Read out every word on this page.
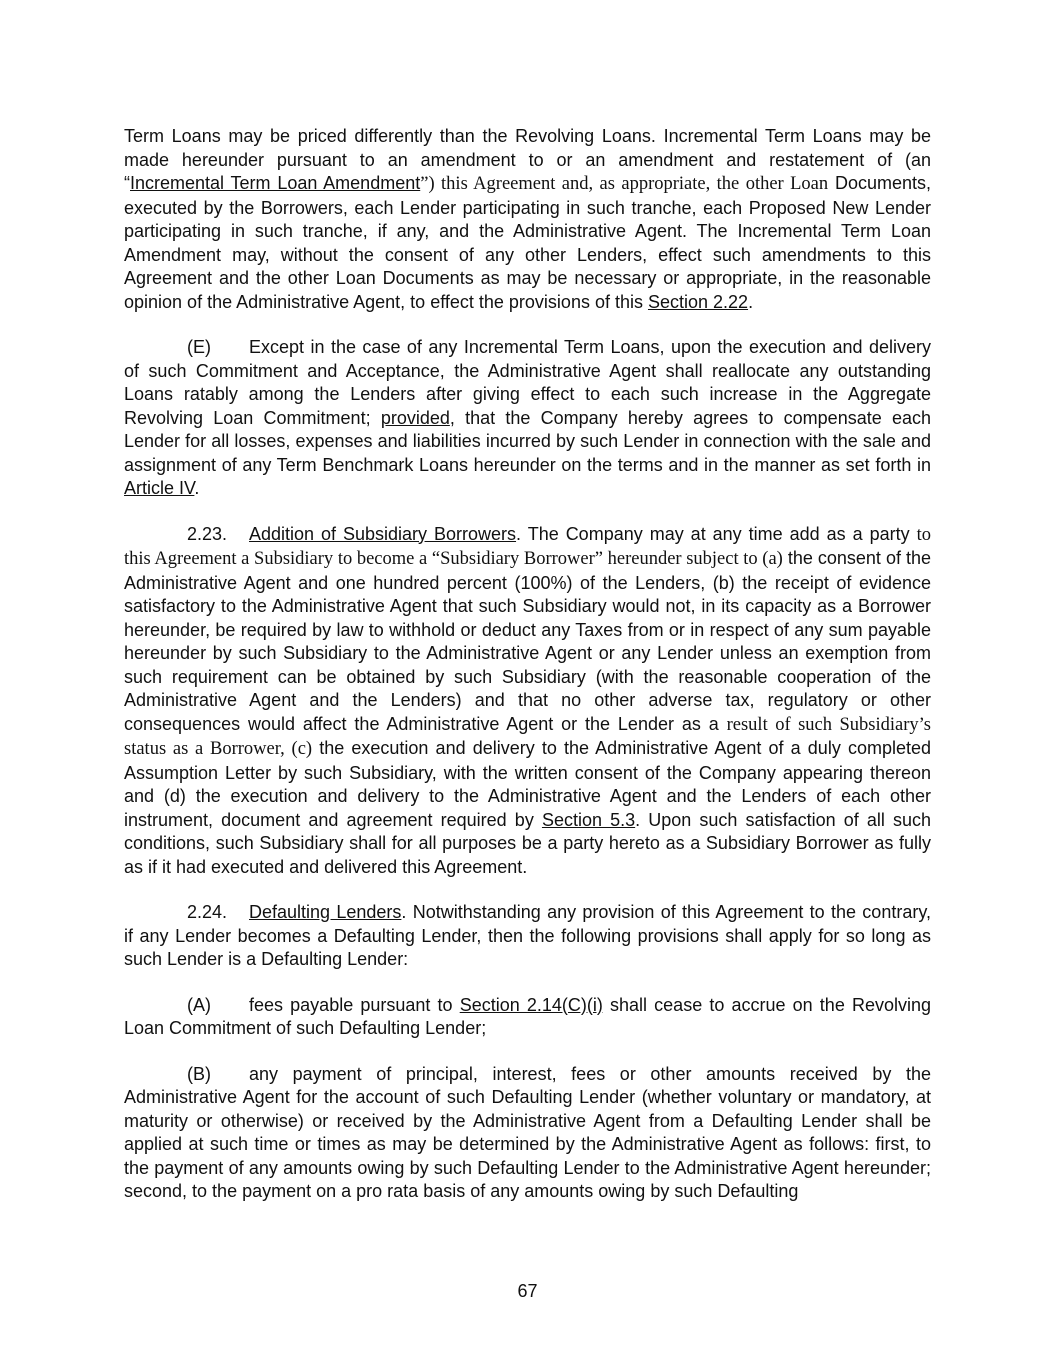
Term Loans may be priced differently than the Revolving Loans. Incremental Term Loans may be made hereunder pursuant to an amendment to or an amendment and restatement of (an “Incremental Term Loan Amendment”) this Agreement and, as appropriate, the other Loan Documents, executed by the Borrowers, each Lender participating in such tranche, each Proposed New Lender participating in such tranche, if any, and the Administrative Agent. The Incremental Term Loan Amendment may, without the consent of any other Lenders, effect such amendments to this Agreement and the other Loan Documents as may be necessary or appropriate, in the reasonable opinion of the Administrative Agent, to effect the provisions of this Section 2.22.

(E) Except in the case of any Incremental Term Loans, upon the execution and delivery of such Commitment and Acceptance, the Administrative Agent shall reallocate any outstanding Loans ratably among the Lenders after giving effect to each such increase in the Aggregate Revolving Loan Commitment; provided, that the Company hereby agrees to compensate each Lender for all losses, expenses and liabilities incurred by such Lender in connection with the sale and assignment of any Term Benchmark Loans hereunder on the terms and in the manner as set forth in Article IV.

2.23. Addition of Subsidiary Borrowers. The Company may at any time add as a party to this Agreement a Subsidiary to become a “Subsidiary Borrower” hereunder subject to (a) the consent of the Administrative Agent and one hundred percent (100%) of the Lenders, (b) the receipt of evidence satisfactory to the Administrative Agent that such Subsidiary would not, in its capacity as a Borrower hereunder, be required by law to withhold or deduct any Taxes from or in respect of any sum payable hereunder by such Subsidiary to the Administrative Agent or any Lender unless an exemption from such requirement can be obtained by such Subsidiary (with the reasonable cooperation of the Administrative Agent and the Lenders) and that no other adverse tax, regulatory or other consequences would affect the Administrative Agent or the Lender as a result of such Subsidiary’s status as a Borrower, (c) the execution and delivery to the Administrative Agent of a duly completed Assumption Letter by such Subsidiary, with the written consent of the Company appearing thereon and (d) the execution and delivery to the Administrative Agent and the Lenders of each other instrument, document and agreement required by Section 5.3. Upon such satisfaction of all such conditions, such Subsidiary shall for all purposes be a party hereto as a Subsidiary Borrower as fully as if it had executed and delivered this Agreement.

2.24. Defaulting Lenders. Notwithstanding any provision of this Agreement to the contrary, if any Lender becomes a Defaulting Lender, then the following provisions shall apply for so long as such Lender is a Defaulting Lender:

(A) fees payable pursuant to Section 2.14(C)(i) shall cease to accrue on the Revolving Loan Commitment of such Defaulting Lender;

(B) any payment of principal, interest, fees or other amounts received by the Administrative Agent for the account of such Defaulting Lender (whether voluntary or mandatory, at maturity or otherwise) or received by the Administrative Agent from a Defaulting Lender shall be applied at such time or times as may be determined by the Administrative Agent as follows: first, to the payment of any amounts owing by such Defaulting Lender to the Administrative Agent hereunder; second, to the payment on a pro rata basis of any amounts owing by such Defaulting

67
